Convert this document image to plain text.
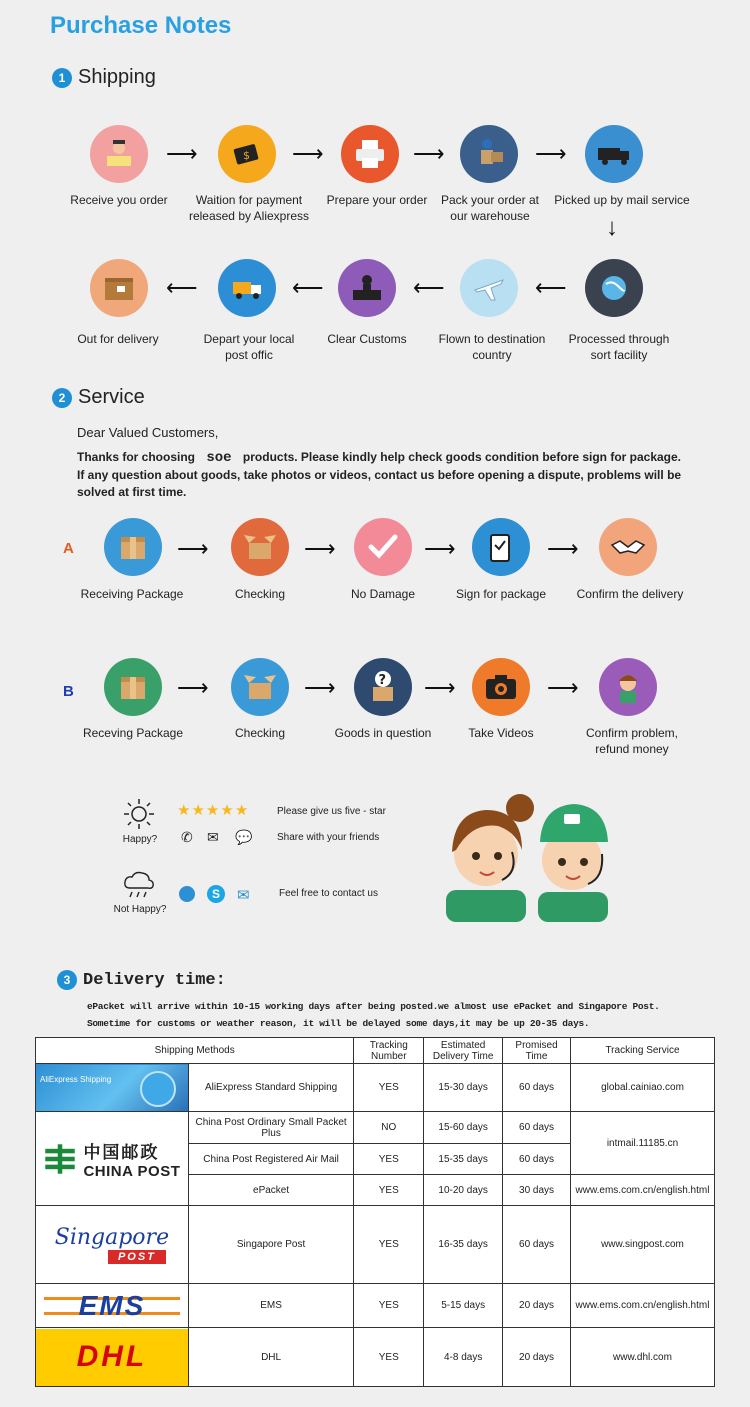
Purchase Notes
1 Shipping
$
⟶	⟶	⟶	⟶
Receive you order	Waition for payment released by Aliexpress
Prepare your order	Pack your order at our warehouse
Picked up by mail service
↓
⟵
⟵
⟵
⟵
Processed through sort facility
Flown to destination country
Clear Customs
Depart your local post offic
Out for delivery
2 Service
Dear Valued Customers,
Thanks for choosing soe products. Please kindly help check goods condition before sign for package.
If any question about goods, take photos or videos, contact us before opening a dispute, problems will be
solved at first time.
A	⟶	⟶	⟶	⟶
Receiving Package	Checking	No Damage	Sign for package	Confirm the delivery
B
?
⟶	⟶	⟶	⟶
Receving Package	Checking	Goods in question	Take Videos	Confirm problem, refund money
Happy?
★★★★★	Please give us five - star
✆ ✉ 💬 Share with your friends
Not Happy?
S	✉	Feel free to contact us
3 Delivery time:
ePacket will arrive within 10-15 working days after being posted.we almost use ePacket and Singapore Post.
Sometime for customs or weather reason, it will be delayed some days,it may be up 20-35 days.
Shipping Methods		Tracking Number	Estimated Delivery Time	Promised Time	Tracking Service

AliExpress Shipping	AliExpress Standard Shipping	YES	15-30 days	60 days	global.cainiao.com

中国邮政
CHINA POST	China Post Ordinary Small Packet Plus	NO	15-60 days	60 days	intmail.11185.cn
	China Post Registered Air Mail	YES	15-35 days	60 days	
	ePacket	YES	10-20 days	30 days	www.ems.com.cn/english.html

Singapore
POST	Singapore Post	YES	16-35 days	60 days	www.singpost.com

EMS	EMS	YES	5-15 days	20 days	www.ems.com.cn/english.html

DHL	DHL	YES	4-8 days	20 days	www.dhl.com
